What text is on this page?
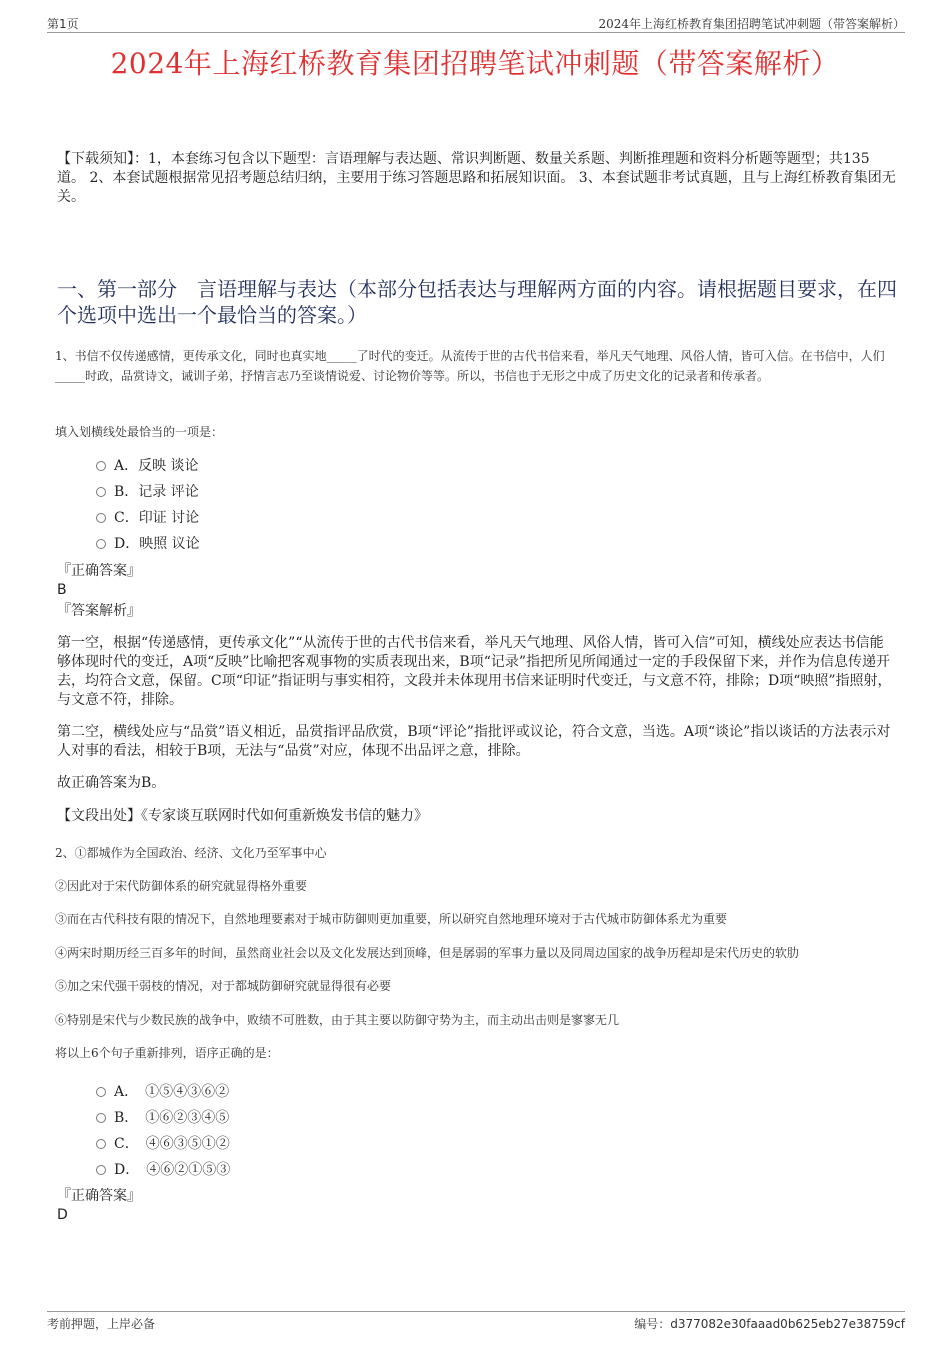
第1页	2024年上海红桥教育集团招聘笔试冲刺题（带答案解析）
2024年上海红桥教育集团招聘笔试冲刺题（带答案解析）
【下载须知】：1，本套练习包含以下题型：言语理解与表达题、常识判断题、数量关系题、判断推理题和资料分析题等题型；共135道。 2、本套试题根据常见招考题总结归纳，主要用于练习答题思路和拓展知识面。 3、本套试题非考试真题，且与上海红桥教育集团无关。
一、第一部分　言语理解与表达（本部分包括表达与理解两方面的内容。请根据题目要求，在四个选项中选出一个最恰当的答案。）
1、书信不仅传递感情，更传承文化，同时也真实地_____了时代的变迁。从流传于世的古代书信来看，举凡天气地理、风俗人情，皆可入信。在书信中，人们_____时政，品赏诗文，诫训子弟，抒情言志乃至谈情说爱、讨论物价等等。所以，书信也于无形之中成了历史文化的记录者和传承者。
填入划横线处最恰当的一项是：
A．反映 谈论
B．记录 评论
C．印证 讨论
D．映照 议论
『正确答案』
B
『答案解析』
第一空，根据“传递感情，更传承文化”“从流传于世的古代书信来看，举凡天气地理、风俗人情，皆可入信”可知，横线处应表达书信能够体现时代的变迁，A项“反映”比喻把客观事物的实质表现出来，B项“记录”指把所见所闻通过一定的手段保留下来，并作为信息传递开去，均符合文意，保留。C项“印证”指证明与事实相符，文段并未体现用书信来证明时代变迁，与文意不符，排除；D项“映照”指照射，与文意不符，排除。
第二空，横线处应与“品赏”语义相近，品赏指评品欣赏，B项“评论”指批评或议论，符合文意，当选。A项“谈论”指以谈话的方法表示对人对事的看法，相较于B项，无法与“品赏”对应，体现不出品评之意，排除。
故正确答案为B。
【文段出处】《专家谈互联网时代如何重新焕发书信的魅力》
2、①都城作为全国政治、经济、文化乃至军事中心
②因此对于宋代防御体系的研究就显得格外重要
③而在古代科技有限的情况下，自然地理要素对于城市防御则更加重要，所以研究自然地理环境对于古代城市防御体系尤为重要
④两宋时期历经三百多年的时间，虽然商业社会以及文化发展达到顶峰，但是孱弱的军事力量以及同周边国家的战争历程却是宋代历史的软肋
⑤加之宋代强干弱枝的情况，对于都城防御研究就显得很有必要
⑥特别是宋代与少数民族的战争中，败绩不可胜数，由于其主要以防御守势为主，而主动出击则是寥寥无几
将以上6个句子重新排列，语序正确的是：
A．　①⑤④③⑥②
B．　①⑥②③④⑤
C．　④⑥③⑤①②
D．　④⑥②①⑤③
『正确答案』
D
考前押题，上岸必备	编号：d377082e30faaad0b625eb27e38759cf
